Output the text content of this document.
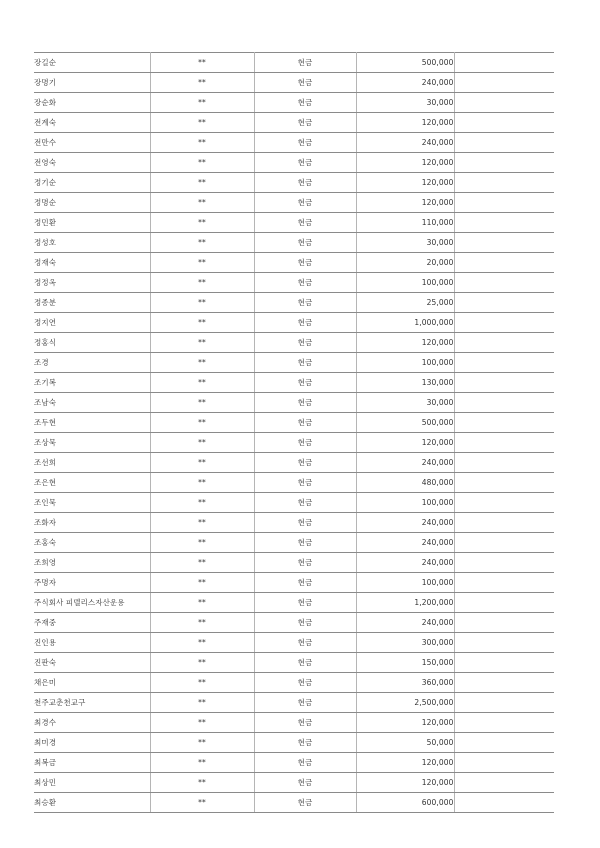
장길순	**	현금	500,000	
장명기	**	현금	240,000	
장순화	**	현금	30,000	
전계숙	**	현금	120,000	
전만수	**	현금	240,000	
전영숙	**	현금	120,000	
정기순	**	현금	120,000	
정명순	**	현금	120,000	
정민환	**	현금	110,000	
정성호	**	현금	30,000	
정재숙	**	현금	20,000	
정정옥	**	현금	100,000	
정종분	**	현금	25,000	
정지연	**	현금	1,000,000	
정홍식	**	현금	120,000	
조경	**	현금	100,000	
조기복	**	현금	130,000	
조남숙	**	현금	30,000	
조두현	**	현금	500,000	
조상묵	**	현금	120,000	
조선희	**	현금	240,000	
조은현	**	현금	480,000	
조인묵	**	현금	100,000	
조화자	**	현금	240,000	
조홍숙	**	현금	240,000	
조희영	**	현금	240,000	
주명자	**	현금	100,000	
주식회사 피델리스자산운용	**	현금	1,200,000	
주재중	**	현금	240,000	
진인용	**	현금	300,000	
진판숙	**	현금	150,000	
채은미	**	현금	360,000	
천주교춘천교구	**	현금	2,500,000	
최경수	**	현금	120,000	
최미경	**	현금	50,000	
최복금	**	현금	120,000	
최상민	**	현금	120,000	
최승환	**	현금	600,000	
